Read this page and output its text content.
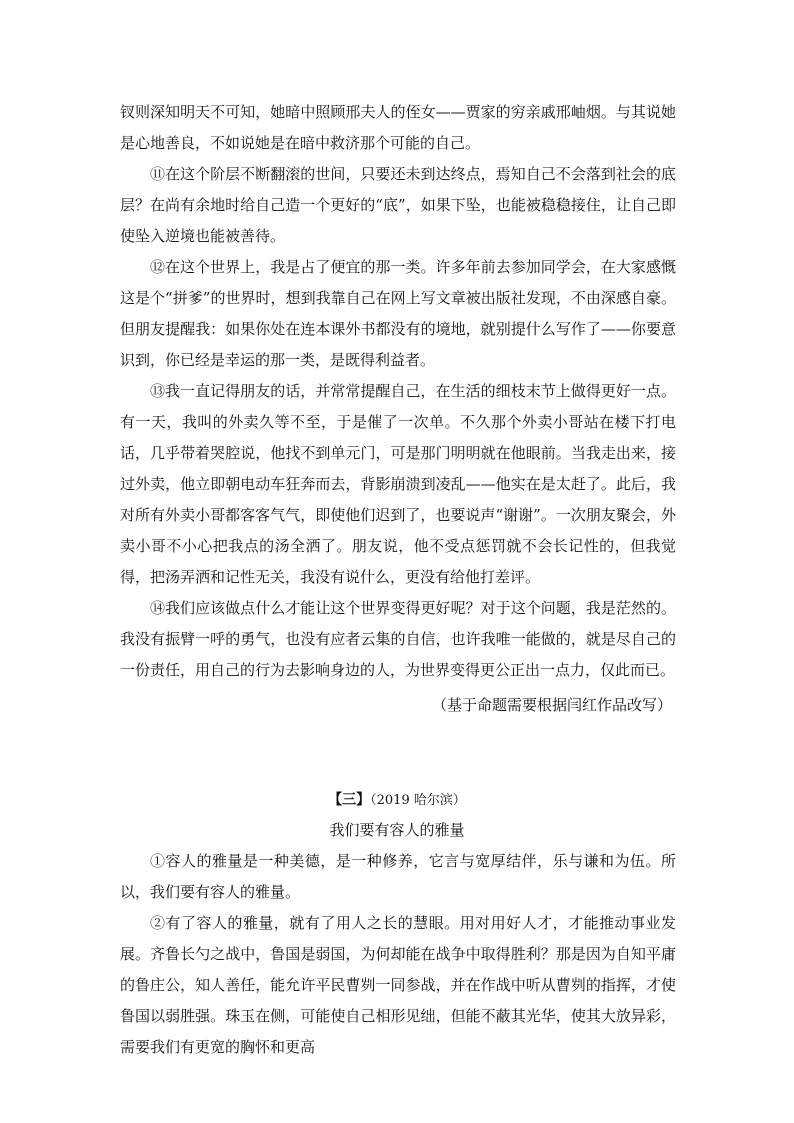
钗则深知明天不可知，她暗中照顾邢夫人的侄女——贾家的穷亲戚邢岫烟。与其说她是心地善良，不如说她是在暗中救济那个可能的自己。

⑪在这个阶层不断翻滚的世间，只要还未到达终点，焉知自己不会落到社会的底层？在尚有余地时给自己造一个更好的“底”，如果下坠，也能被稳稳接住，让自己即使坠入逆境也能被善待。

⑫在这个世界上，我是占了便宜的那一类。许多年前去参加同学会，在大家感慨这是个“拼爹”的世界时，想到我靠自己在网上写文章被出版社发现，不由深感自豪。但朋友提醒我：如果你处在连本课外书都没有的境地，就别提什么写作了——你要意识到，你已经是幸运的那一类，是既得利益者。

⑬我一直记得朋友的话，并常常提醒自己，在生活的细枝末节上做得更好一点。有一天，我叫的外卖久等不至，于是催了一次单。不久那个外卖小哥站在楼下打电话，几乎带着哭腔说，他找不到单元门，可是那门明明就在他眼前。当我走出来，接过外卖，他立即朝电动车狂奔而去，背影崩溃到凌乱——他实在是太赶了。此后，我对所有外卖小哥都客客气气，即使他们迟到了，也要说声“谢谢”。一次朋友聚会，外卖小哥不小心把我点的汤全洒了。朋友说，他不受点惩罚就不会长记性的，但我觉得，把汤弄洒和记性无关，我没有说什么，更没有给他打差评。

⑭我们应该做点什么才能让这个世界变得更好呢？对于这个问题，我是茫然的。我没有振臂一呼的勇气，也没有应者云集的自信，也许我唯一能做的，就是尽自己的一份责任，用自己的行为去影响身边的人，为世界变得更公正出一点力，仅此而已。

（基于命题需要根据闫红作品改写）
【三】（2019 哈尔滨）
我们要有容人的雅量

①容人的雅量是一种美德，是一种修养，它言与宽厚结伴，乐与谦和为伍。所以，我们要有容人的雅量。

②有了容人的雅量，就有了用人之长的慧眼。用对用好人才，才能推动事业发展。齐鲁长勺之战中，鲁国是弱国，为何却能在战争中取得胜利？那是因为自知平庸的鲁庄公，知人善任，能允许平民曹刿一同参战，并在作战中听从曹刿的指挥，才使鲁国以弱胜强。珠玉在侧，可能使自己相形见绌，但能不蔽其光华，使其大放异彩，需要我们有更宽的胸怀和更高
